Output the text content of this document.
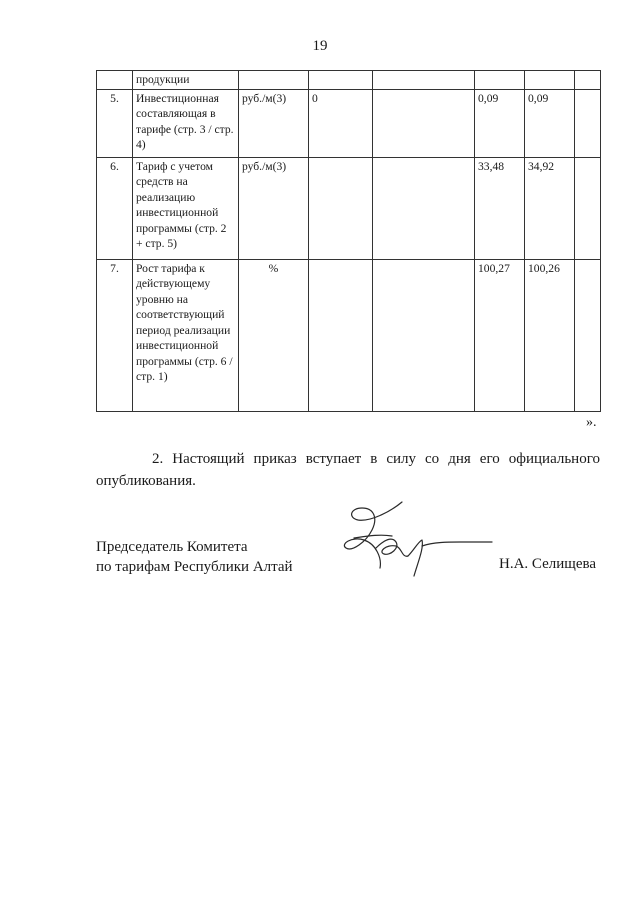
19
	продукции						
5.	Инвестиционная составляющая в тарифе (стр. 3 / стр. 4)	руб./м(3)	0		0,09	0,09	
6.	Тариф с учетом средств на реализацию инвестиционной программы (стр. 2 + стр. 5)	руб./м(3)			33,48	34,92	
7.	Рост тарифа к действующему уровню на соответствующий период реализации инвестиционной программы (стр. 6 / стр. 1)	%			100,27	100,26	
».

2. Настоящий приказ вступает в силу со дня его официального опубликования.

Председатель Комитета
по тарифам Республики Алтай	Н.А. Селищева
